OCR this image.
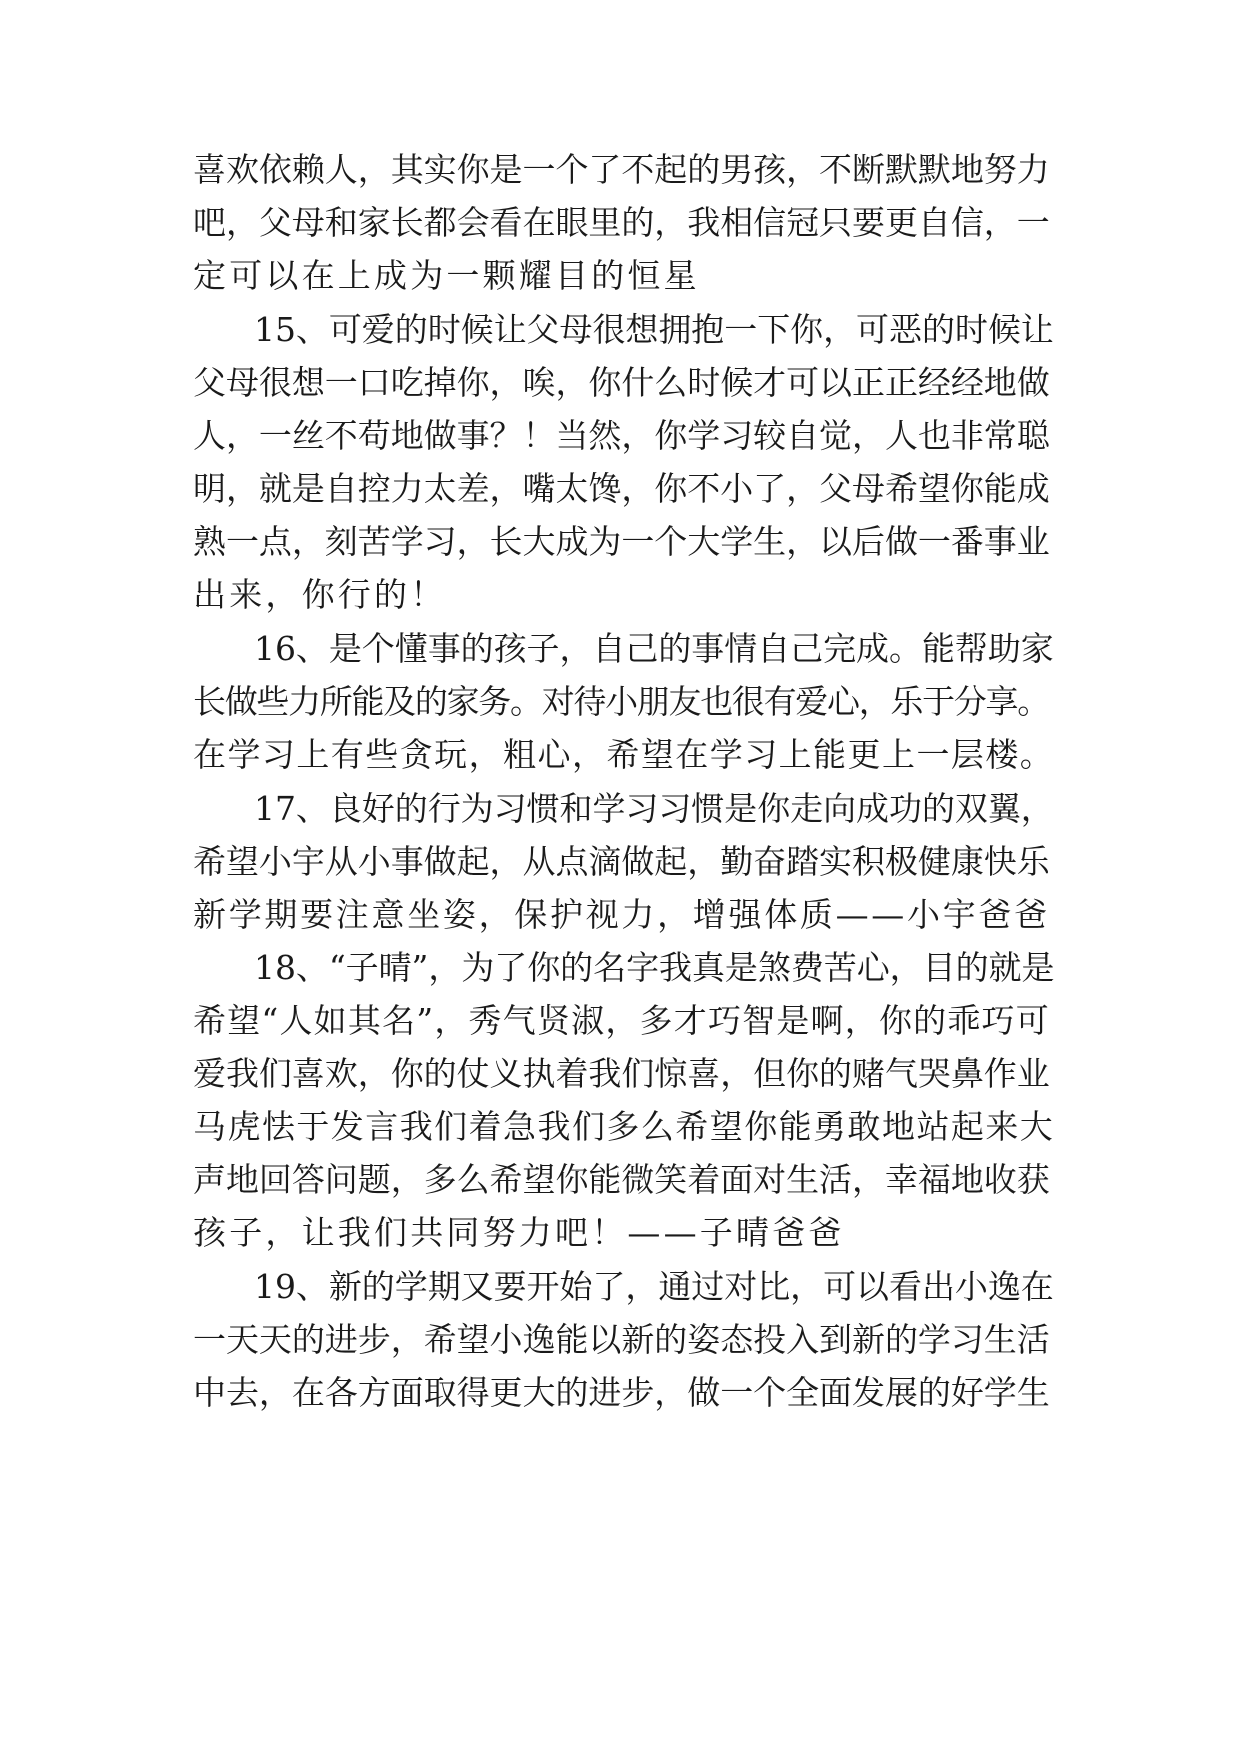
喜欢依赖人，其实你是一个了不起的男孩，不断默默地努力
吧，父母和家长都会看在眼里的，我相信冠只要更自信，一
定可以在上成为一颗耀目的恒星
15、可爱的时候让父母很想拥抱一下你，可恶的时候让
父母很想一口吃掉你，唉，你什么时候才可以正正经经地做
人，一丝不苟地做事？！当然，你学习较自觉，人也非常聪
明，就是自控力太差，嘴太馋，你不小了，父母希望你能成
熟一点，刻苦学习，长大成为一个大学生，以后做一番事业
出来，你行的！
16、是个懂事的孩子，自己的事情自己完成。能帮助家
长做些力所能及的家务。对待小朋友也很有爱心，乐于分享。
在学习上有些贪玩，粗心，希望在学习上能更上一层楼。
17、良好的行为习惯和学习习惯是你走向成功的双翼，
希望小宇从小事做起，从点滴做起，勤奋踏实积极健康快乐
新学期要注意坐姿，保护视力，增强体质——小宇爸爸
18、“子晴”，为了你的名字我真是煞费苦心，目的就是
希望“人如其名”，秀气贤淑，多才巧智是啊，你的乖巧可
爱我们喜欢，你的仗义执着我们惊喜，但你的赌气哭鼻作业
马虎怯于发言我们着急我们多么希望你能勇敢地站起来大
声地回答问题，多么希望你能微笑着面对生活，幸福地收获
孩子，让我们共同努力吧！——子晴爸爸
19、新的学期又要开始了，通过对比，可以看出小逸在
一天天的进步，希望小逸能以新的姿态投入到新的学习生活
中去，在各方面取得更大的进步，做一个全面发展的好学生
